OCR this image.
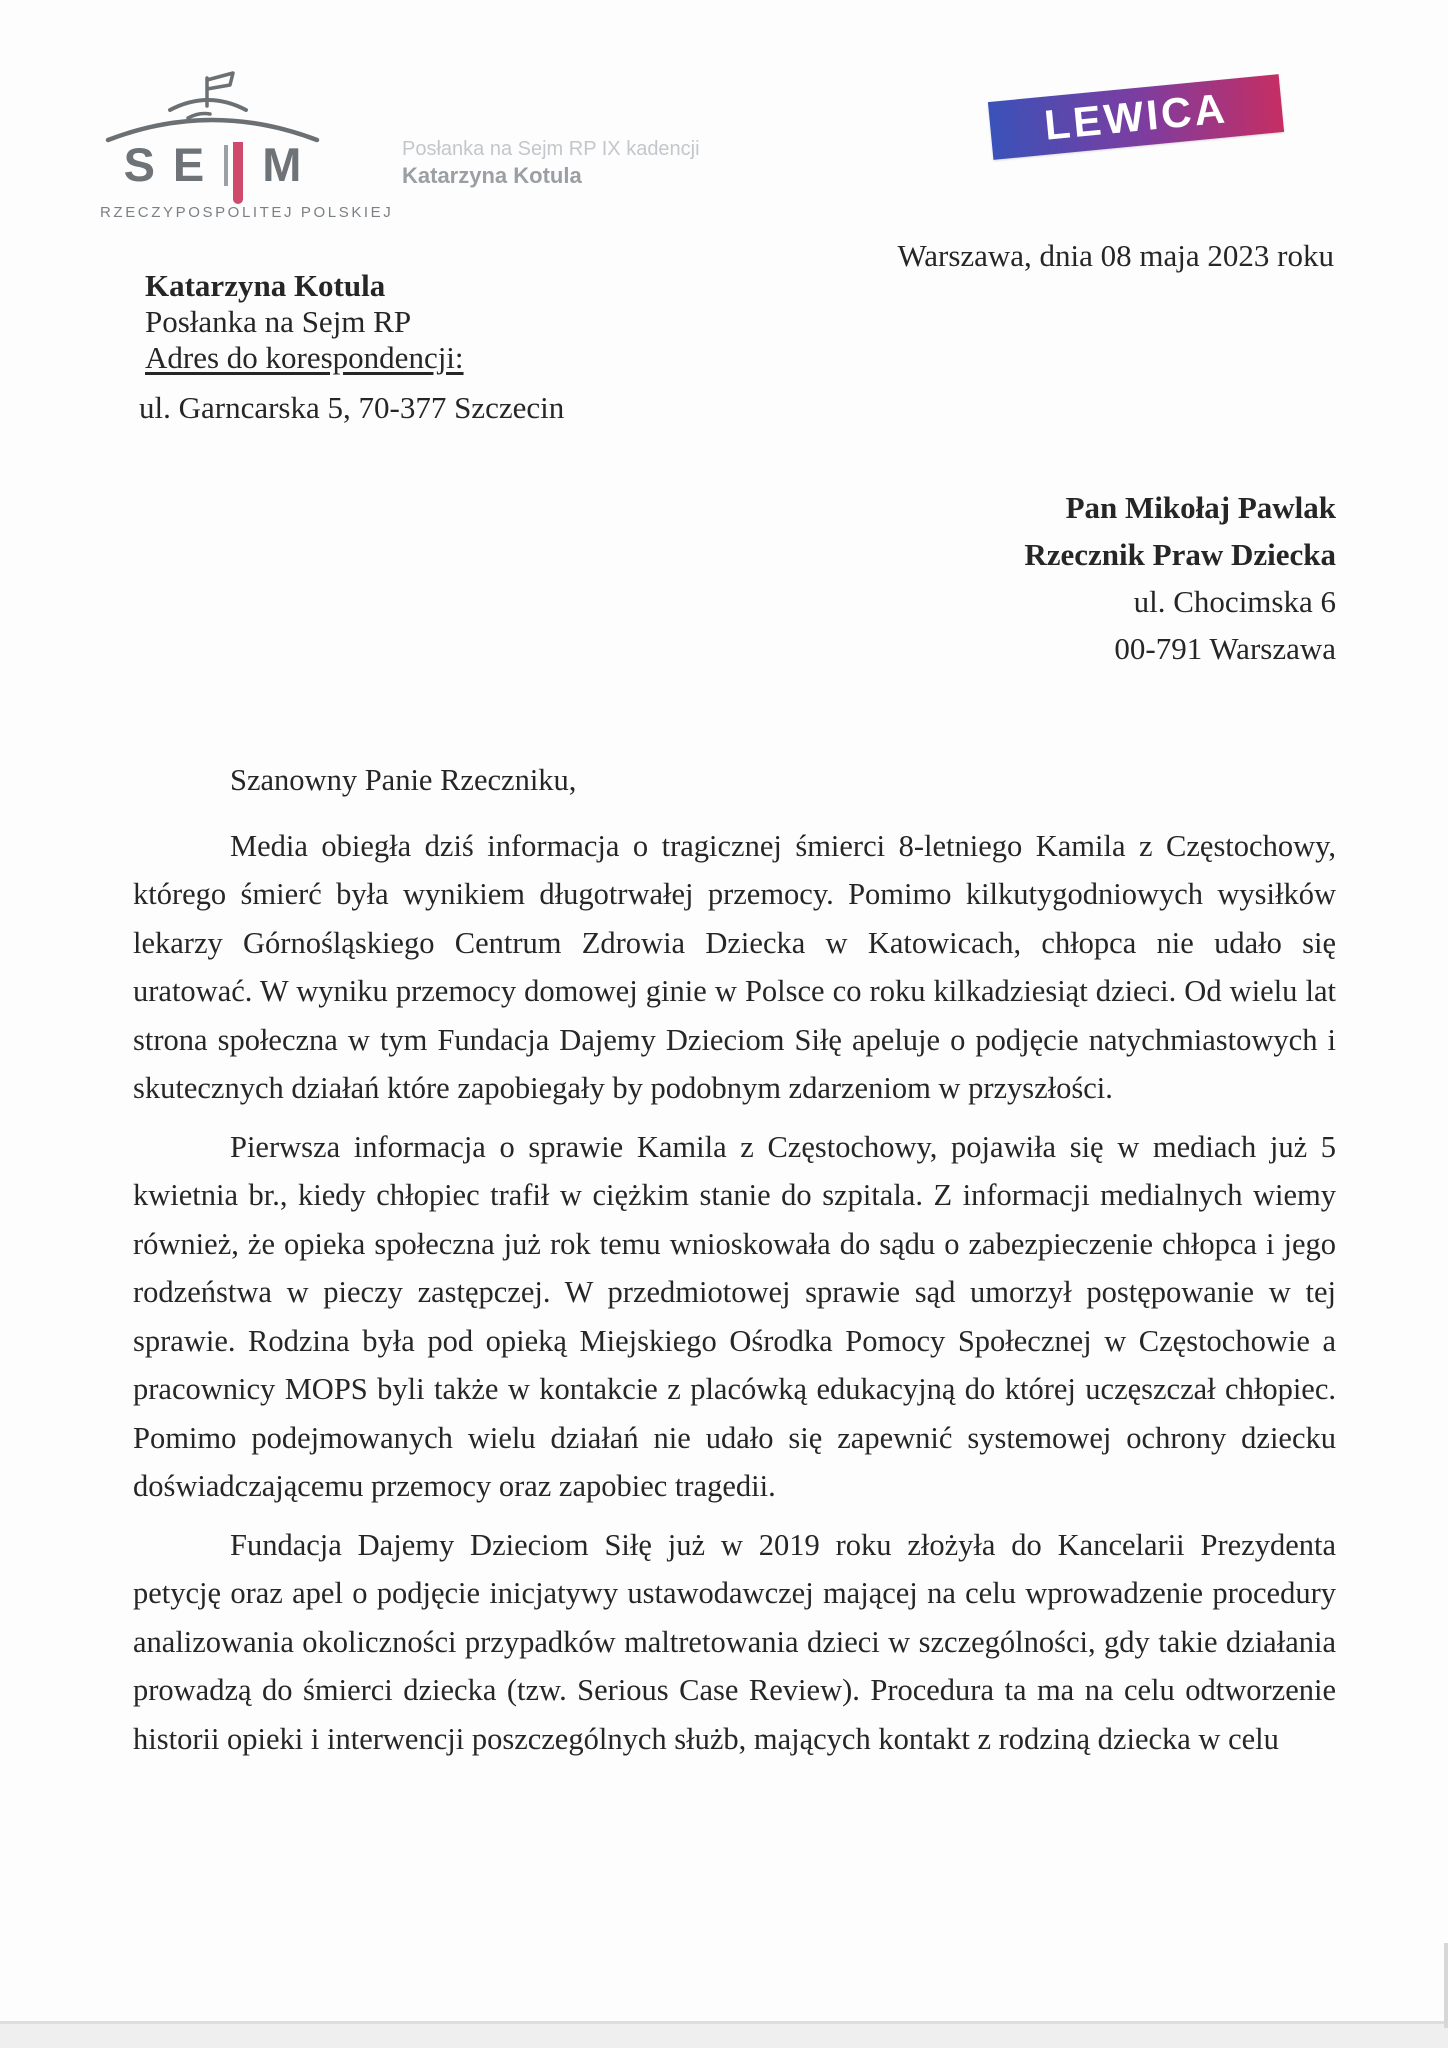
S E M
RZECZYPOSPOLITEJ POLSKIEJ
Posłanka na Sejm RP IX kadencji
Katarzyna Kotula
LEWICA
Warszawa, dnia 08 maja 2023 roku
Katarzyna Kotula
Posłanka na Sejm RP
Adres do korespondencji:
ul. Garncarska 5, 70-377 Szczecin
Pan Mikołaj Pawlak
Rzecznik Praw Dziecka
ul. Chocimska 6
00-791 Warszawa
Szanowny Panie Rzeczniku,

Media obiegła dziś informacja o tragicznej śmierci 8-letniego Kamila z Częstochowy, którego śmierć była wynikiem długotrwałej przemocy. Pomimo kilkutygodniowych wysiłków lekarzy Górnośląskiego Centrum Zdrowia Dziecka w Katowicach, chłopca nie udało się uratować. W wyniku przemocy domowej ginie w Polsce co roku kilkadziesiąt dzieci. Od wielu lat strona społeczna w tym Fundacja Dajemy Dzieciom Siłę apeluje o podjęcie natychmiastowych i skutecznych działań które zapobiegały by podobnym zdarzeniom w przyszłości.

Pierwsza informacja o sprawie Kamila z Częstochowy, pojawiła się w mediach już 5 kwietnia br., kiedy chłopiec trafił w ciężkim stanie do szpitala. Z informacji medialnych wiemy również, że opieka społeczna już rok temu wnioskowała do sądu o zabezpieczenie chłopca i jego rodzeństwa w pieczy zastępczej. W przedmiotowej sprawie sąd umorzył postępowanie w tej sprawie. Rodzina była pod opieką Miejskiego Ośrodka Pomocy Społecznej w Częstochowie a pracownicy MOPS byli także w kontakcie z placówką edukacyjną do której uczęszczał chłopiec. Pomimo podejmowanych wielu działań nie udało się zapewnić systemowej ochrony dziecku doświadczającemu przemocy oraz zapobiec tragedii.

Fundacja Dajemy Dzieciom Siłę już w 2019 roku złożyła do Kancelarii Prezydenta petycję oraz apel o podjęcie inicjatywy ustawodawczej mającej na celu wprowadzenie procedury analizowania okoliczności przypadków maltretowania dzieci w szczególności, gdy takie działania prowadzą do śmierci dziecka (tzw. Serious Case Review). Procedura ta ma na celu odtworzenie historii opieki i interwencji poszczególnych służb, mających kontakt z rodziną dziecka w celu
